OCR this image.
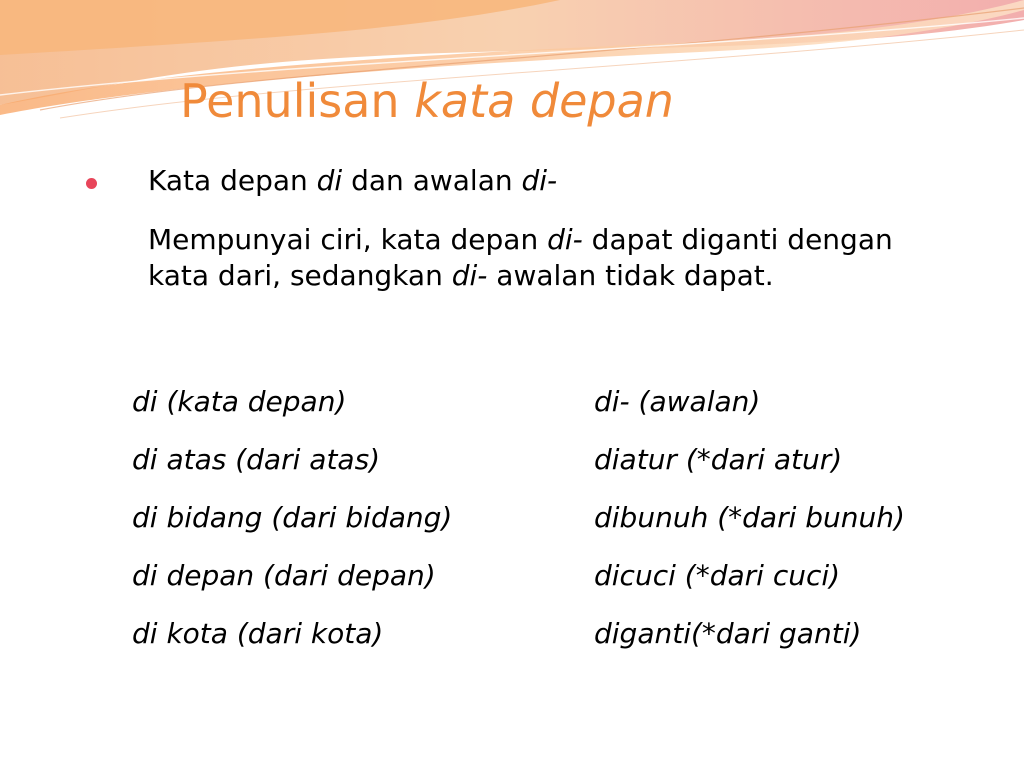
Penulisan kata depan

Kata depan di dan awalan di-

Mempunyai ciri, kata depan di- dapat diganti dengan kata dari, sedangkan di- awalan tidak dapat.

di (kata depan)	di- (awalan)
di atas (dari atas)	diatur (*dari atur)
di bidang (dari bidang)	dibunuh (*dari bunuh)
di depan (dari depan)	dicuci (*dari cuci)
di kota (dari kota)	diganti(*dari ganti)
